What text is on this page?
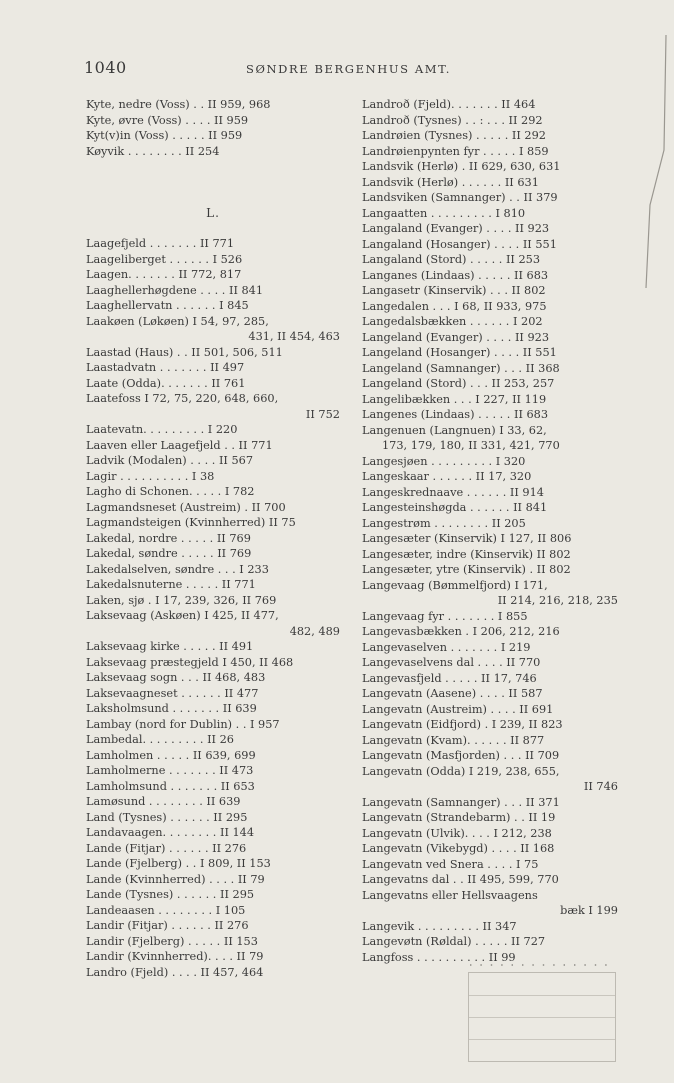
1040	SØNDRE BERGENHUS AMT.
Kyte, nedre (Voss) . . II 959, 968
Kyte, øvre (Voss) . . . . II 959
Kyt(v)in (Voss) . . . . . II 959
Køyvik . . . . . . . . II 254
L.
Laagefjeld . . . . . . . II 771
Laageliberget . . . . . . I 526
Laagen. . . . . . . II 772, 817
Laaghellerhøgdene . . . . II 841
Laaghellervatn . . . . . . I 845
Laakøen (Løkøen) I 54, 97, 285,
431, II 454, 463
Laastad (Haus) . . II 501, 506, 511
Laastadvatn . . . . . . . II 497
Laate (Odda). . . . . . . II 761
Laatefoss I 72, 75, 220, 648, 660,
II 752
Laatevatn. . . . . . . . . I 220
Laaven eller Laagefjeld . . II 771
Ladvik (Modalen) . . . . II 567
Lagir . . . . . . . . . . I 38
Lagho di Schonen. . . . . I 782
Lagmandsneset (Austreim) . II 700
Lagmandsteigen (Kvinnherred) II 75
Lakedal, nordre . . . . . II 769
Lakedal, søndre . . . . . II 769
Lakedalselven, søndre . . . I 233
Lakedalsnuterne . . . . . II 771
Laken, sjø . I 17, 239, 326, II 769
Laksevaag (Askøen) I 425, II 477,
482, 489
Laksevaag kirke . . . . . II 491
Laksevaag præstegjeld I 450, II 468
Laksevaag sogn . . . II 468, 483
Laksevaagneset . . . . . . II 477
Laksholmsund . . . . . . . II 639
Lambay (nord for Dublin) . . I 957
Lambedal. . . . . . . . . II 26
Lamholmen . . . . . II 639, 699
Lamholmerne . . . . . . . II 473
Lamholmsund . . . . . . . II 653
Lamøsund . . . . . . . . II 639
Land (Tysnes) . . . . . . II 295
Landavaagen. . . . . . . . II 144
Lande (Fitjar) . . . . . . II 276
Lande (Fjelberg) . . I 809, II 153
Lande (Kvinnherred) . . . . II 79
Lande (Tysnes) . . . . . . II 295
Landeaasen . . . . . . . . I 105
Landir (Fitjar) . . . . . . II 276
Landir (Fjelberg) . . . . . II 153
Landir (Kvinnherred). . . . II 79
Landro (Fjeld) . . . . II 457, 464
Landroð (Fjeld). . . . . . . II 464
Landroð (Tysnes) . . : . . . II 292
Landrøien (Tysnes) . . . . . II 292
Landrøienpynten fyr . . . . . I 859
Landsvik (Herlø) . II 629, 630, 631
Landsvik (Herlø) . . . . . . II 631
Landsviken (Samnanger) . . II 379
Langaatten . . . . . . . . . I 810
Langaland (Evanger) . . . . II 923
Langaland (Hosanger) . . . . II 551
Langaland (Stord) . . . . . II 253
Langanes (Lindaas) . . . . . II 683
Langasetr (Kinservik) . . . II 802
Langedalen . . . I 68, II 933, 975
Langedalsbækken . . . . . . I 202
Langeland (Evanger) . . . . II 923
Langeland (Hosanger) . . . . II 551
Langeland (Samnanger) . . . II 368
Langeland (Stord) . . . II 253, 257
Langelibækken . . . I 227, II 119
Langenes (Lindaas) . . . . . II 683
Langenuen (Langnuen) I 33, 62,
173, 179, 180, II 331, 421, 770
Langesjøen . . . . . . . . . I 320
Langeskaar . . . . . . II 17, 320
Langeskrednaave . . . . . . II 914
Langesteinshøgda . . . . . . II 841
Langestrøm . . . . . . . . II 205
Langesæter (Kinservik) I 127, II 806
Langesæter, indre (Kinservik) II 802
Langesæter, ytre (Kinservik) . II 802
Langevaag (Bømmelfjord) I 171,
II 214, 216, 218, 235
Langevaag fyr . . . . . . . I 855
Langevasbækken . I 206, 212, 216
Langevaselven . . . . . . . I 219
Langevaselvens dal . . . . II 770
Langevasfjeld . . . . . II 17, 746
Langevatn (Aasene) . . . . II 587
Langevatn (Austreim) . . . . II 691
Langevatn (Eidfjord) . I 239, II 823
Langevatn (Kvam). . . . . . II 877
Langevatn (Masfjorden) . . . II 709
Langevatn (Odda) I 219, 238, 655,
II 746
Langevatn (Samnanger) . . . II 371
Langevatn (Strandebarm) . . II 19
Langevatn (Ulvik). . . . I 212, 238
Langevatn (Vikebygd) . . . . II 168
Langevatn ved Snera . . . . I 75
Langevatns dal . . II 495, 599, 770
Langevatns eller Hellsvaagens
bæk I 199
Langevik . . . . . . . . . II 347
Langevøtn (Røldal) . . . . . II 727
Langfoss . . . . . . . . . . II 99
